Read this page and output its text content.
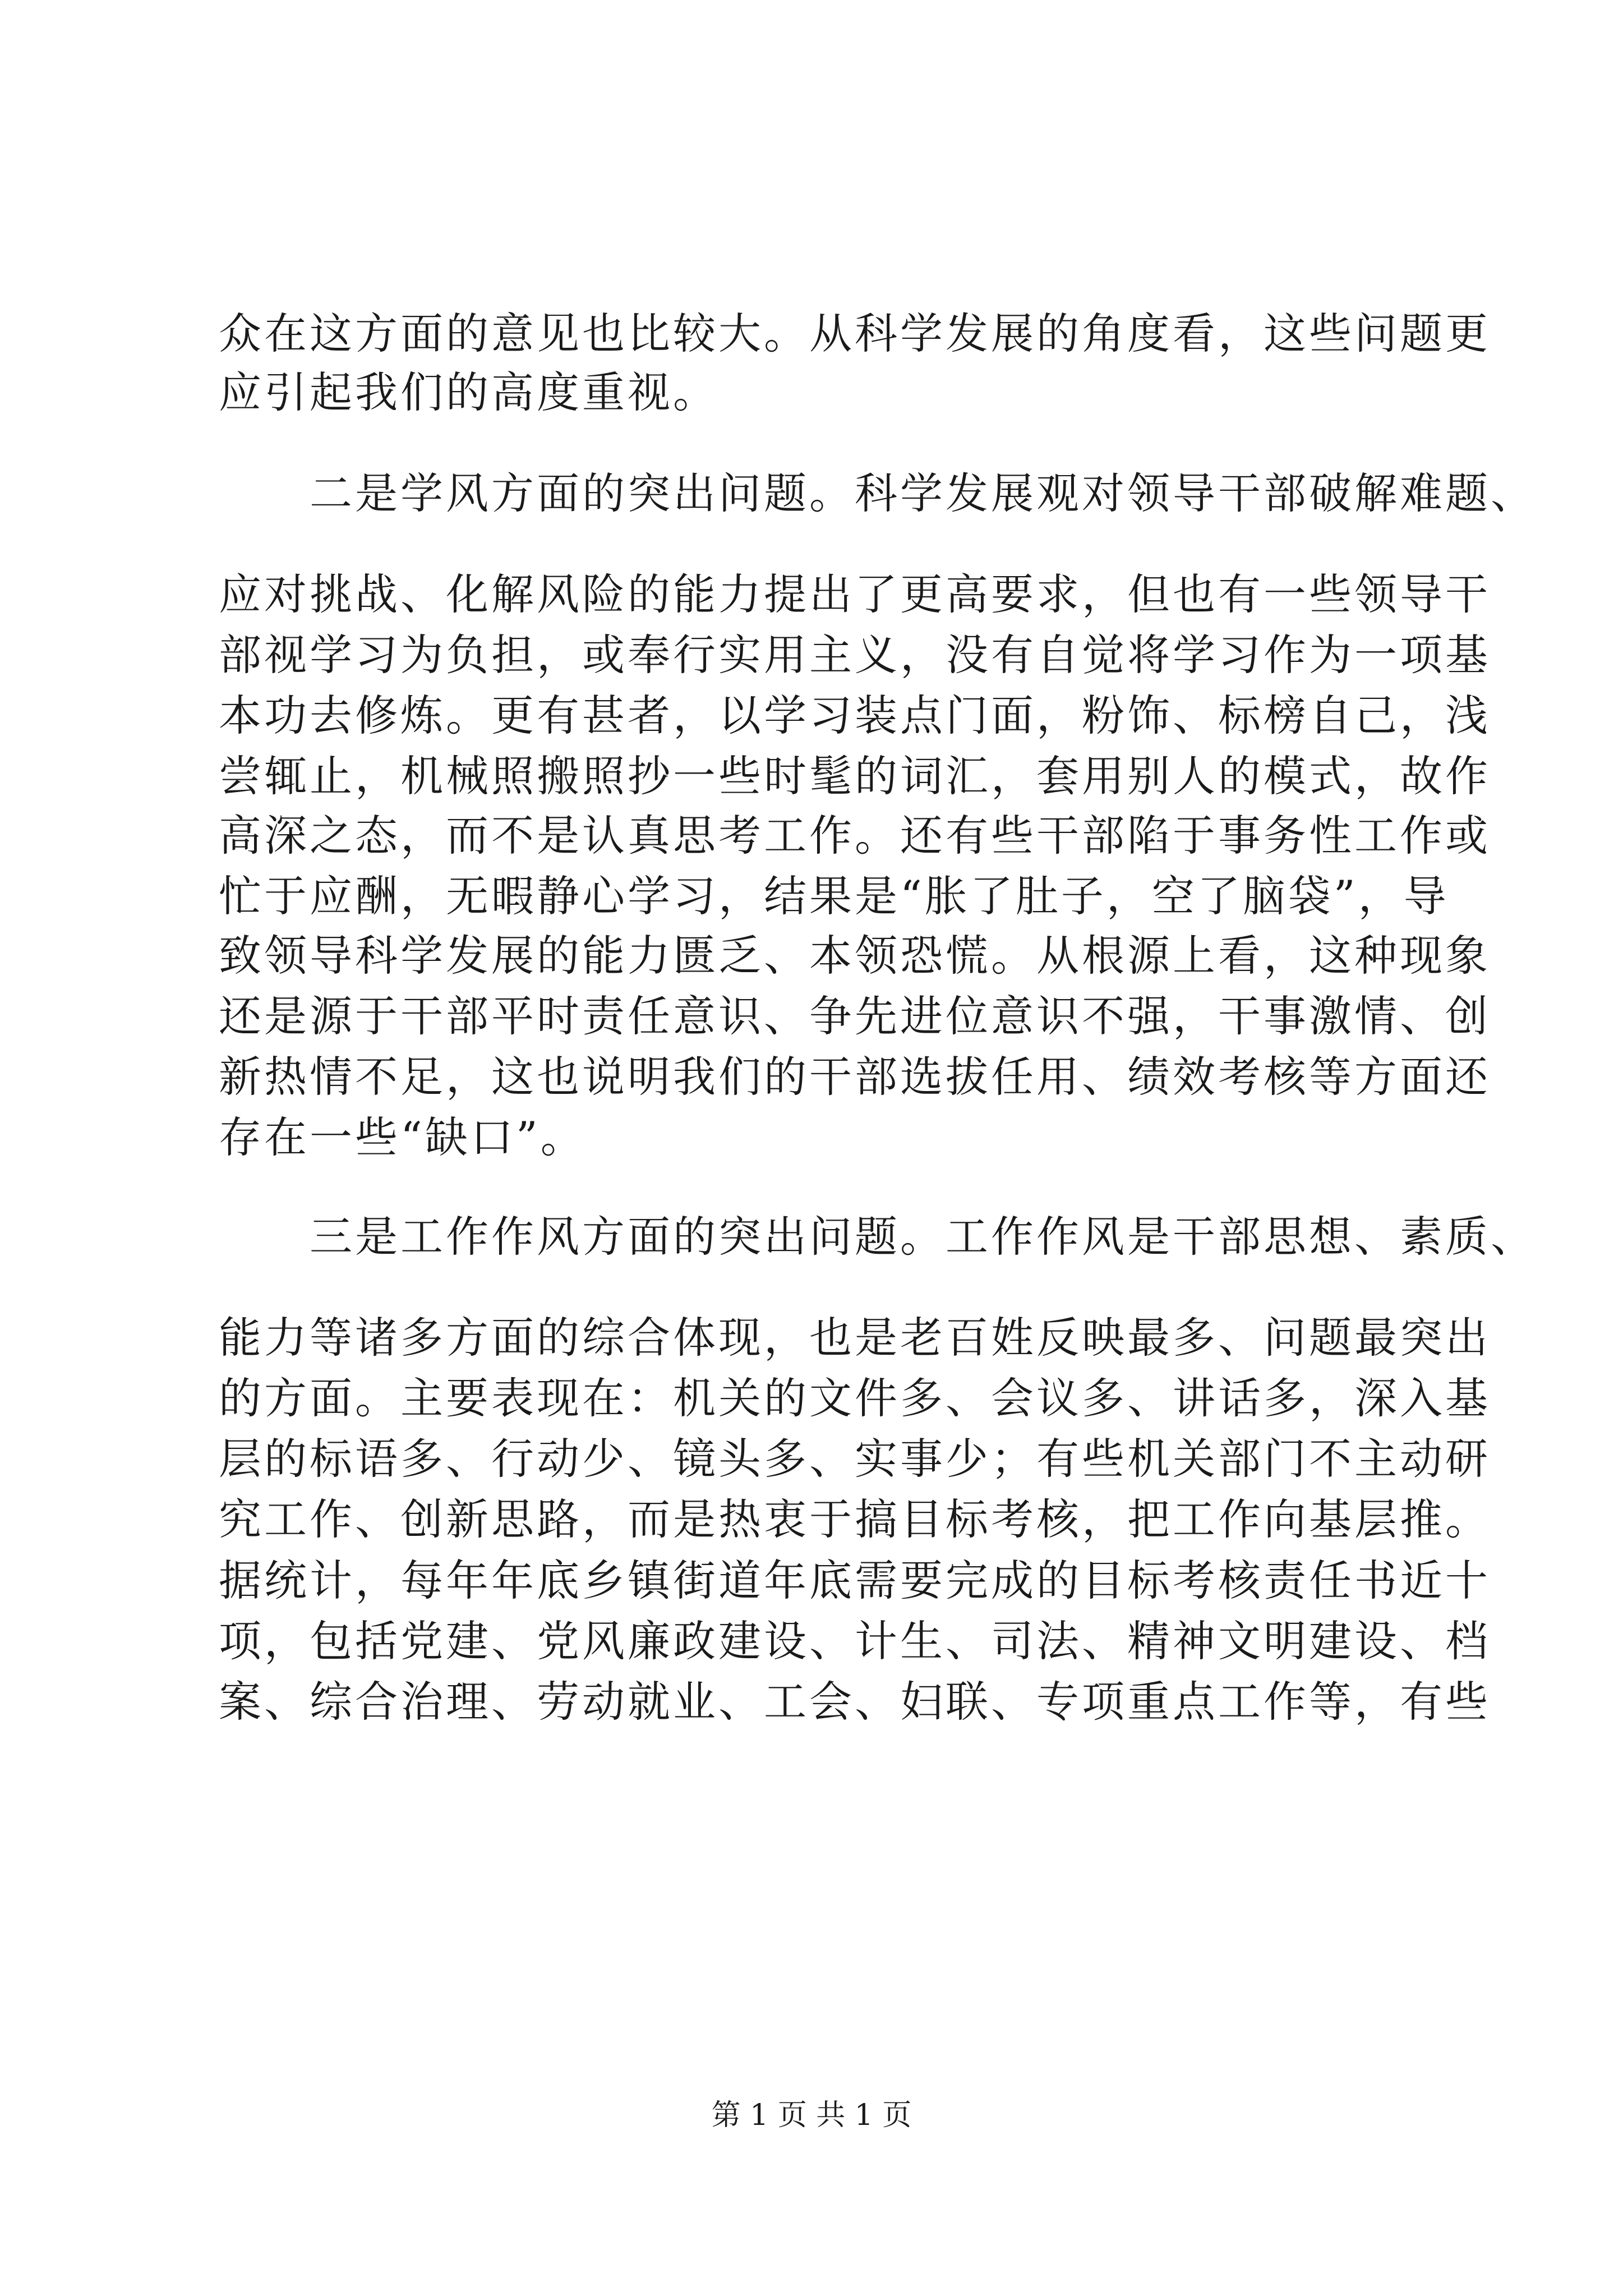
众在这方面的意见也比较大。从科学发展的角度看，这些问题更
应引起我们的高度重视。
　　二是学风方面的突出问题。科学发展观对领导干部破解难题、
应对挑战、化解风险的能力提出了更高要求，但也有一些领导干
部视学习为负担，或奉行实用主义，没有自觉将学习作为一项基
本功去修炼。更有甚者，以学习装点门面，粉饰、标榜自己，浅
尝辄止，机械照搬照抄一些时髦的词汇，套用别人的模式，故作
高深之态，而不是认真思考工作。还有些干部陷于事务性工作或
忙于应酬，无暇静心学习，结果是“胀了肚子，空了脑袋”，导
致领导科学发展的能力匮乏、本领恐慌。从根源上看，这种现象
还是源于干部平时责任意识、争先进位意识不强，干事激情、创
新热情不足，这也说明我们的干部选拔任用、绩效考核等方面还
存在一些“缺口”。
　　三是工作作风方面的突出问题。工作作风是干部思想、素质、
能力等诸多方面的综合体现，也是老百姓反映最多、问题最突出
的方面。主要表现在：机关的文件多、会议多、讲话多，深入基
层的标语多、行动少、镜头多、实事少；有些机关部门不主动研
究工作、创新思路，而是热衷于搞目标考核，把工作向基层推。
据统计，每年年底乡镇街道年底需要完成的目标考核责任书近十
项，包括党建、党风廉政建设、计生、司法、精神文明建设、档
案、综合治理、劳动就业、工会、妇联、专项重点工作等，有些
第 1 页 共 1 页
